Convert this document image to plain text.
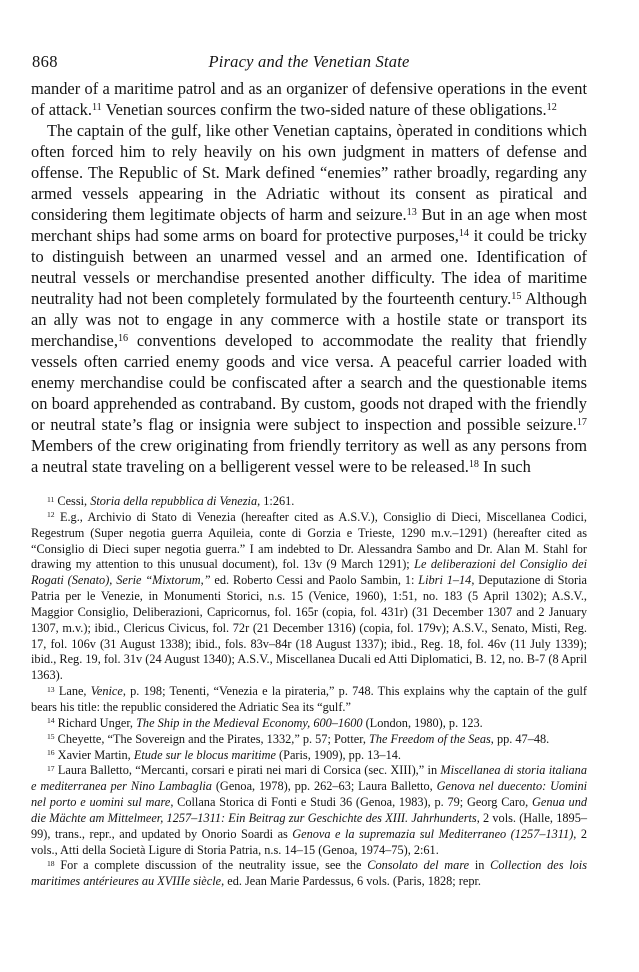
868	Piracy and the Venetian State

mander of a maritime patrol and as an organizer of defensive operations in the event of attack.$^{11}$ Venetian sources confirm the two-sided nature of these obligations.$^{12}$

The captain of the gulf, like other Venetian captains, òperated in conditions which often forced him to rely heavily on his own judgment in matters of defense and offense. The Republic of St. Mark defined “enemies” rather broadly, regarding any armed vessels appearing in the Adriatic without its consent as piratical and considering them legitimate objects of harm and seizure.$^{13}$ But in an age when most merchant ships had some arms on board for protective purposes,$^{14}$ it could be tricky to distinguish between an unarmed vessel and an armed one. Identification of neutral vessels or merchandise presented another difficulty. The idea of maritime neutrality had not been completely formulated by the fourteenth century.$^{15}$ Although an ally was not to engage in any commerce with a hostile state or transport its merchandise,$^{16}$ conventions developed to accommodate the reality that friendly vessels often carried enemy goods and vice versa. A peaceful carrier loaded with enemy merchandise could be confiscated after a search and the questionable items on board apprehended as contraband. By custom, goods not draped with the friendly or neutral state’s flag or insignia were subject to inspection and possible seizure.$^{17}$ Members of the crew originating from friendly territory as well as any persons from a neutral state traveling on a belligerent vessel were to be released.$^{18}$ In such

$^{11}$ Cessi, Storia della repubblica di Venezia, 1:261.

$^{12}$ E.g., Archivio di Stato di Venezia (hereafter cited as A.S.V.), Consiglio di Dieci, Miscellanea Codici, Regestrum (Super negotia guerra Aquileia, conte di Gorzia e Trieste, 1290 m.v.–1291) (hereafter cited as “Consiglio di Dieci super negotia guerra.” I am indebted to Dr. Alessandra Sambo and Dr. Alan M. Stahl for drawing my attention to this unusual document), fol. 13v (9 March 1291); Le deliberazioni del Consiglio dei Rogati (Senato), Serie “Mixtorum,” ed. Roberto Cessi and Paolo Sambin, 1: Libri 1–14, Deputazione di Storia Patria per le Venezie, in Monumenti Storici, n.s. 15 (Venice, 1960), 1:51, no. 183 (5 April 1302); A.S.V., Maggior Consiglio, Deliberazioni, Capricornus, fol. 165r (copia, fol. 431r) (31 December 1307 and 2 January 1307, m.v.); ibid., Clericus Civicus, fol. 72r (21 December 1316) (copia, fol. 179v); A.S.V., Senato, Misti, Reg. 17, fol. 106v (31 August 1338); ibid., fols. 83v–84r (18 August 1337); ibid., Reg. 18, fol. 46v (11 July 1339); ibid., Reg. 19, fol. 31v (24 August 1340); A.S.V., Miscellanea Ducali ed Atti Diplomatici, B. 12, no. B-7 (8 April 1363).

$^{13}$ Lane, Venice, p. 198; Tenenti, “Venezia e la pirateria,” p. 748. This explains why the captain of the gulf bears his title: the republic considered the Adriatic Sea its “gulf.”

$^{14}$ Richard Unger, The Ship in the Medieval Economy, 600–1600 (London, 1980), p. 123.

$^{15}$ Cheyette, “The Sovereign and the Pirates, 1332,” p. 57; Potter, The Freedom of the Seas, pp. 47–48.

$^{16}$ Xavier Martin, Etude sur le blocus maritime (Paris, 1909), pp. 13–14.

$^{17}$ Laura Balletto, “Mercanti, corsari e pirati nei mari di Corsica (sec. XIII),” in Miscellanea di storia italiana e mediterranea per Nino Lambaglia (Genoa, 1978), pp. 262–63; Laura Balletto, Genova nel duecento: Uomini nel porto e uomini sul mare, Collana Storica di Fonti e Studi 36 (Genoa, 1983), p. 79; Georg Caro, Genua und die Mächte am Mittelmeer, 1257–1311: Ein Beitrag zur Geschichte des XIII. Jahrhunderts, 2 vols. (Halle, 1895–99), trans., repr., and updated by Onorio Soardi as Genova e la supremazia sul Mediterraneo (1257–1311), 2 vols., Atti della Società Ligure di Storia Patria, n.s. 14–15 (Genoa, 1974–75), 2:61.

$^{18}$ For a complete discussion of the neutrality issue, see the Consolato del mare in Collection des lois maritimes antérieures au XVIIIe siècle, ed. Jean Marie Pardessus, 6 vols. (Paris, 1828; repr.
